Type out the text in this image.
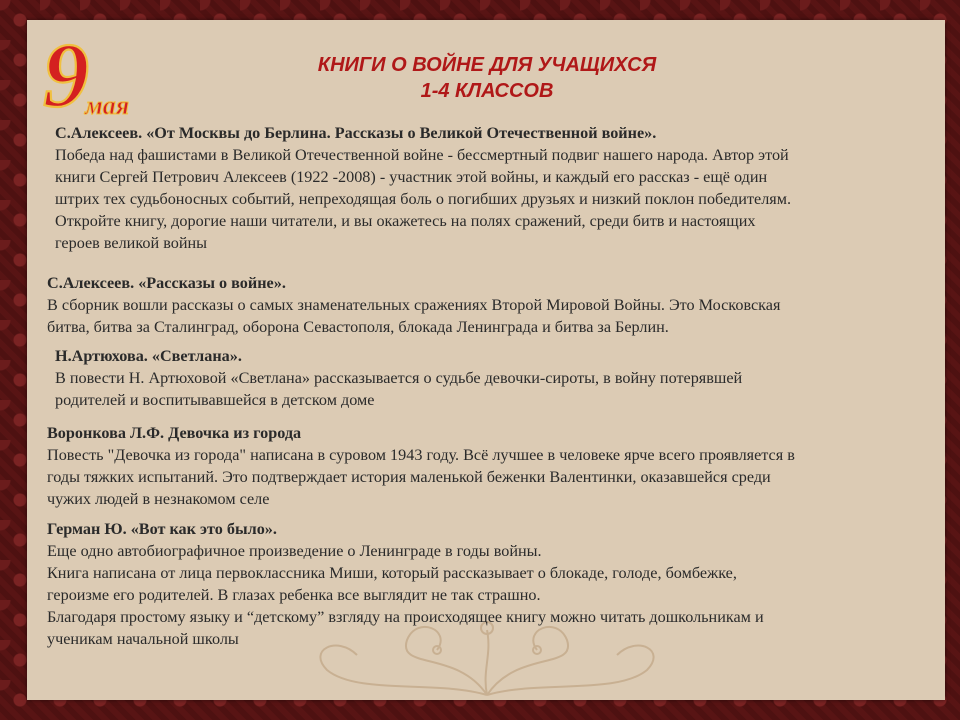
9
мая
КНИГИ О ВОЙНЕ ДЛЯ УЧАЩИХСЯ
1-4 КЛАССОВ
С.Алексеев. «От Москвы до Берлина. Рассказы о Великой Отечественной войне».
Победа над фашистами в Великой Отечественной войне - бессмертный подвиг нашего народа. Автор этой
книги Сергей Петрович Алексеев (1922 -2008) - участник этой войны, и каждый его рассказ - ещё один
штрих тех судьбоносных событий, непреходящая боль о погибших друзьях и низкий поклон победителям.
Откройте книгу, дорогие наши читатели, и вы окажетесь на полях сражений, среди битв и настоящих
героев великой войны
С.Алексеев. «Рассказы о войне».
В сборник вошли рассказы о самых знаменательных сражениях Второй Мировой Войны. Это Московская
битва, битва за Сталинград, оборона Севастополя, блокада Ленинграда и битва за Берлин.
Н.Артюхова. «Светлана».
В повести Н. Артюховой «Светлана» рассказывается о судьбе девочки-сироты, в войну потерявшей
родителей и воспитывавшейся в детском доме
Воронкова Л.Ф. Девочка из города
Повесть "Девочка из города" написана в суровом 1943 году. Всё лучшее в человеке ярче всего проявляется в
годы тяжких испытаний. Это подтверждает история маленькой беженки Валентинки, оказавшейся среди
чужих людей в незнакомом селе
Герман Ю. «Вот как это было».
Еще одно автобиографичное произведение о Ленинграде в годы войны.
Книга написана от лица первоклассника Миши, который рассказывает о блокаде, голоде, бомбежке,
героизме его родителей. В глазах ребенка все выглядит не так страшно.
Благодаря простому языку и “детскому” взгляду на происходящее книгу можно читать дошкольникам и
ученикам начальной школы
